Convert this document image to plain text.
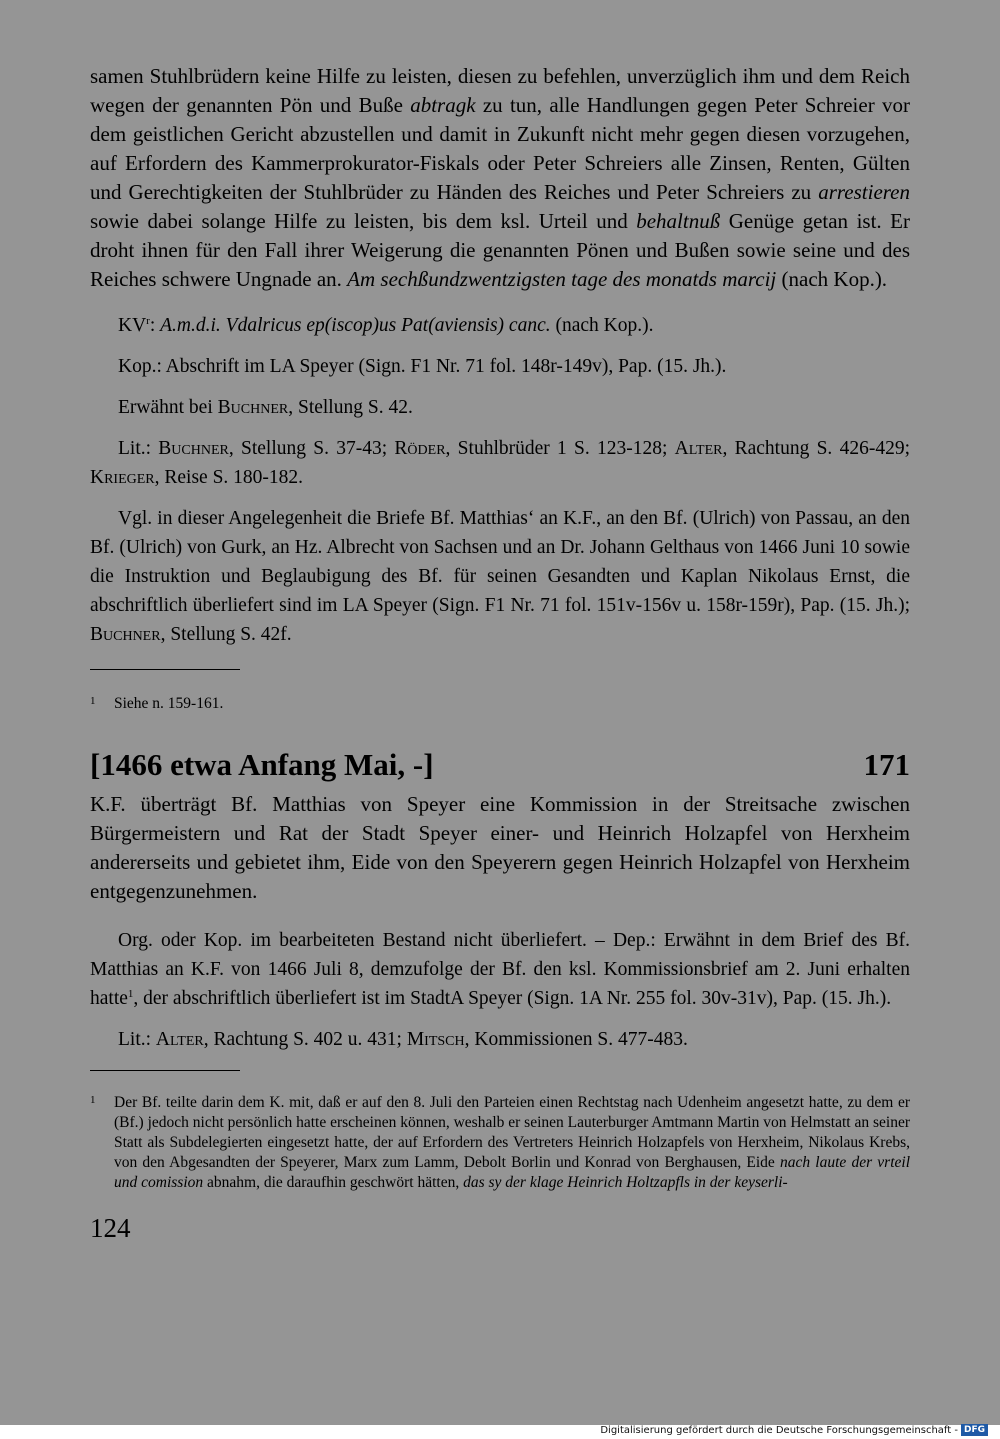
samen Stuhlbrüdern keine Hilfe zu leisten, diesen zu befehlen, unverzüglich ihm und dem Reich wegen der genannten Pön und Buße abtragk zu tun, alle Handlungen gegen Peter Schreier vor dem geistlichen Gericht abzustellen und damit in Zukunft nicht mehr gegen diesen vorzugehen, auf Erfordern des Kammerprokurator-Fiskals oder Peter Schreiers alle Zinsen, Renten, Gülten und Gerechtigkeiten der Stuhlbrüder zu Händen des Reiches und Peter Schreiers zu arrestieren sowie dabei solange Hilfe zu leisten, bis dem ksl. Urteil und behaltnuß Genüge getan ist. Er droht ihnen für den Fall ihrer Weigerung die genannten Pönen und Bußen sowie seine und des Reiches schwere Ungnade an. Am sechßundzwentzigsten tage des monatds marcij (nach Kop.).

$KV^r$: A.m.d.i. Vdalricus ep(iscop)us Pat(aviensis) canc. (nach Kop.).

Kop.: Abschrift im LA Speyer (Sign. F1 Nr. 71 fol. 148r-149v), Pap. (15. Jh.).

Erwähnt bei Buchner, Stellung S. 42.

Lit.: Buchner, Stellung S. 37-43; Röder, Stuhlbrüder 1 S. 123-128; Alter, Rachtung S. 426-429; Krieger, Reise S. 180-182.

Vgl. in dieser Angelegenheit die Briefe Bf. Matthias‘ an K.F., an den Bf. (Ulrich) von Passau, an den Bf. (Ulrich) von Gurk, an Hz. Albrecht von Sachsen und an Dr. Johann Gelthaus von 1466 Juni 10 sowie die Instruktion und Beglaubigung des Bf. für seinen Gesandten und Kaplan Nikolaus Ernst, die abschriftlich überliefert sind im LA Speyer (Sign. F1 Nr. 71 fol. 151v-156v u. 158r-159r), Pap. (15. Jh.); Buchner, Stellung S. 42f.

1 Siehe n. 159-161.

[1466 etwa Anfang Mai, -]	171

K.F. überträgt Bf. Matthias von Speyer eine Kommission in der Streitsache zwischen Bürgermeistern und Rat der Stadt Speyer einer- und Heinrich Holzapfel von Herxheim andererseits und gebietet ihm, Eide von den Speyerern gegen Heinrich Holzapfel von Herxheim entgegenzunehmen.

Org. oder Kop. im bearbeiteten Bestand nicht überliefert. – Dep.: Erwähnt in dem Brief des Bf. Matthias an K.F. von 1466 Juli 8, demzufolge der Bf. den ksl. Kommissionsbrief am 2. Juni erhalten hatte$^1$, der abschriftlich überliefert ist im StadtA Speyer (Sign. 1A Nr. 255 fol. 30v-31v), Pap. (15. Jh.).

Lit.: Alter, Rachtung S. 402 u. 431; Mitsch, Kommissionen S. 477-483.

1 Der Bf. teilte darin dem K. mit, daß er auf den 8. Juli den Parteien einen Rechtstag nach Udenheim angesetzt hatte, zu dem er (Bf.) jedoch nicht persönlich hatte erscheinen können, weshalb er seinen Lauterburger Amtmann Martin von Helmstatt an seiner Statt als Subdelegierten eingesetzt hatte, der auf Erfordern des Vertreters Heinrich Holzapfels von Herxheim, Nikolaus Krebs, von den Abgesandten der Speyerer, Marx zum Lamm, Debolt Borlin und Konrad von Berghausen, Eide nach laute der vrteil und comission abnahm, die daraufhin geschwört hätten, das sy der klage Heinrich Holtzapfls in der keyserli-

124

Digitalisierung gefördert durch die Deutsche Forschungsgemeinschaft - DFG
